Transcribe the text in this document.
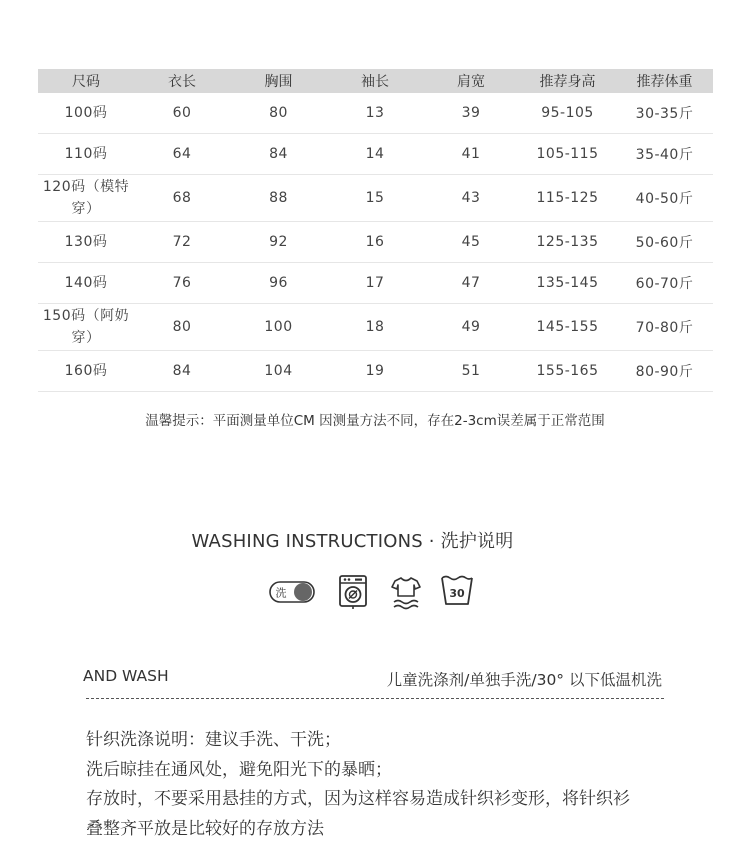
尺码	衣长	胸围	袖长	肩宽	推荐身高	推荐体重
100码	60	80	13	39	95-105	30-35斤
110码	64	84	14	41	105-115	35-40斤
120码（模特穿）	68	88	15	43	115-125	40-50斤
130码	72	92	16	45	125-135	50-60斤
140码	76	96	17	47	135-145	60-70斤
150码（阿奶穿）	80	100	18	49	145-155	70-80斤
160码	84	104	19	51	155-165	80-90斤
温馨提示：平面测量单位CM 因测量方法不同，存在2-3cm误差属于正常范围
WASHING INSTRUCTIONS · 洗护说明
洗	30
AND WASH	儿童洗涤剂/单独手洗/30° 以下低温机洗
针织洗涤说明：建议手洗、干洗；
洗后晾挂在通风处，避免阳光下的暴晒；
存放时，不要采用悬挂的方式，因为这样容易造成针织衫变形，将针织衫
叠整齐平放是比较好的存放方法
